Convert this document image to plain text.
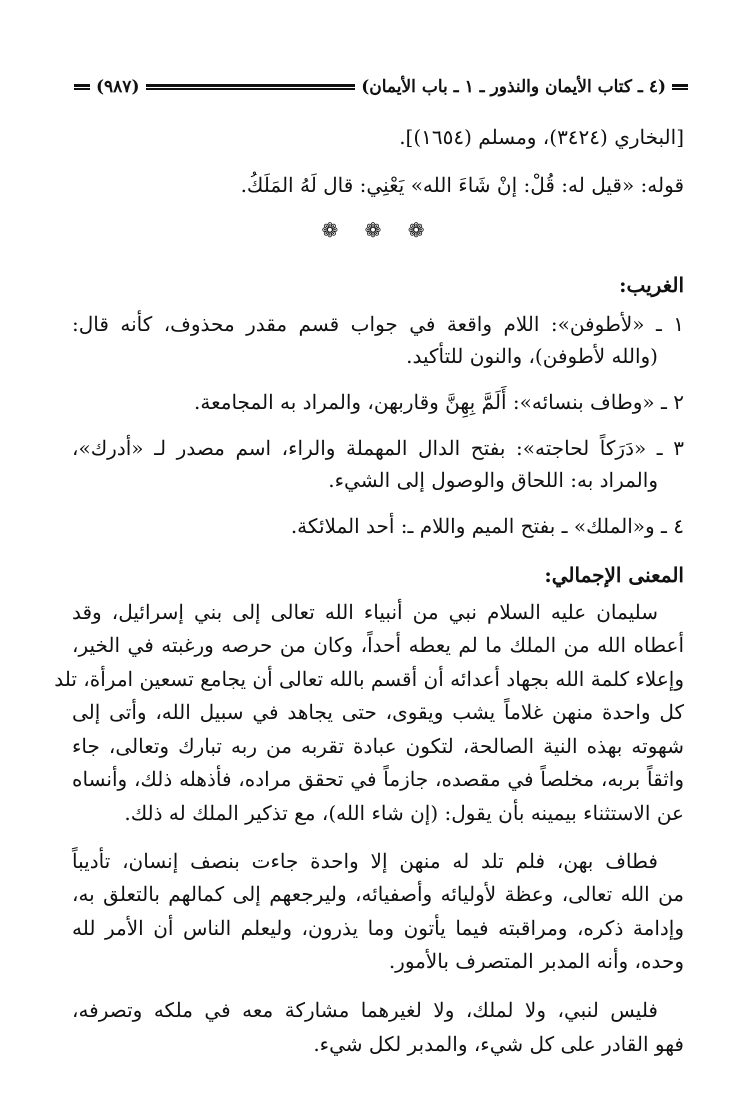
(٤ ـ كتاب الأيمان والنذور ـ ١ ـ باب الأيمان)
(٩٨٧)
[البخاري (٣٤٢٤)، ومسلم (١٦٥٤)].
قوله: «قيل له: قُلْ: إنْ شَاءَ الله» يَعْنِي: قال لَهُ المَلَكُ.
❁ ❁ ❁
الغريب:
١ ـ «لأطوفن»: اللام واقعة في جواب قسم مقدر محذوف، كأنه قال:
(والله لأطوفن)، والنون للتأكيد.
٢ ـ «وطاف بنسائه»: أَلَمَّ بِهِنَّ وقاربهن، والمراد به المجامعة.
٣ ـ «دَرَكاً لحاجته»: بفتح الدال المهملة والراء، اسم مصدر لـ «أدرك»،
والمراد به: اللحاق والوصول إلى الشيء.
٤ ـ و«الملك» ـ بفتح الميم واللام ـ: أحد الملائكة.
المعنى الإجمالي:
سليمان عليه السلام نبي من أنبياء الله تعالى إلى بني إسرائيل، وقد
أعطاه الله من الملك ما لم يعطه أحداً، وكان من حرصه ورغبته في الخير،
وإعلاء كلمة الله بجهاد أعدائه أن أقسم بالله تعالى أن يجامع تسعين امرأة، تلد
كل واحدة منهن غلاماً يشب ويقوى، حتى يجاهد في سبيل الله، وأتى إلى
شهوته بهذه النية الصالحة، لتكون عبادة تقربه من ربه تبارك وتعالى، جاء
واثقاً بربه، مخلصاً في مقصده، جازماً في تحقق مراده، فأذهله ذلك، وأنساه
عن الاستثناء بيمينه بأن يقول: (إن شاء الله)، مع تذكير الملك له ذلك.
فطاف بهن، فلم تلد له منهن إلا واحدة جاءت بنصف إنسان، تأديباً
من الله تعالى، وعظة لأوليائه وأصفيائه، وليرجعهم إلى كمالهم بالتعلق به،
وإدامة ذكره، ومراقبته فيما يأتون وما يذرون، وليعلم الناس أن الأمر لله
وحده، وأنه المدبر المتصرف بالأمور.
فليس لنبي، ولا لملك، ولا لغيرهما مشاركة معه في ملكه وتصرفه،
فهو القادر على كل شيء، والمدبر لكل شيء.
